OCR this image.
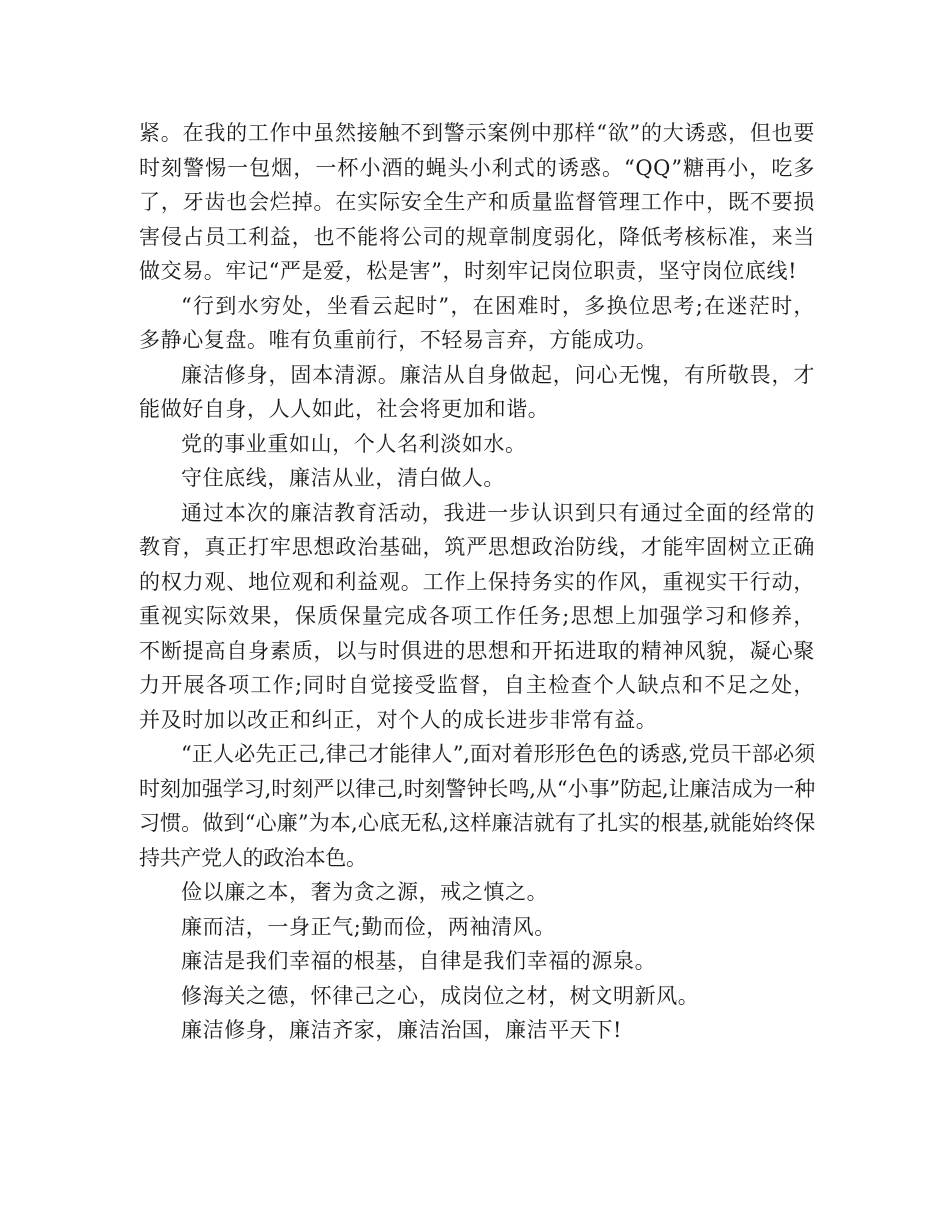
紧。在我的工作中虽然接触不到警示案例中那样“欲”的大诱惑，但也要时刻警惕一包烟，一杯小酒的蝇头小利式的诱惑。“QQ”糖再小，吃多了，牙齿也会烂掉。在实际安全生产和质量监督管理工作中，既不要损害侵占员工利益，也不能将公司的规章制度弱化，降低考核标准，来当做交易。牢记“严是爱，松是害”，时刻牢记岗位职责，坚守岗位底线!

“行到水穷处，坐看云起时”，在困难时，多换位思考;在迷茫时，多静心复盘。唯有负重前行，不轻易言弃，方能成功。

廉洁修身，固本清源。廉洁从自身做起，问心无愧，有所敬畏，才能做好自身，人人如此，社会将更加和谐。

党的事业重如山，个人名利淡如水。

守住底线，廉洁从业，清白做人。

通过本次的廉洁教育活动，我进一步认识到只有通过全面的经常的教育，真正打牢思想政治基础，筑严思想政治防线，才能牢固树立正确的权力观、地位观和利益观。工作上保持务实的作风，重视实干行动，重视实际效果，保质保量完成各项工作任务;思想上加强学习和修养，不断提高自身素质，以与时俱进的思想和开拓进取的精神风貌，凝心聚力开展各项工作;同时自觉接受监督，自主检查个人缺点和不足之处，并及时加以改正和纠正，对个人的成长进步非常有益。

“正人必先正己,律己才能律人”,面对着形形色色的诱惑,党员干部必须时刻加强学习,时刻严以律己,时刻警钟长鸣,从“小事”防起,让廉洁成为一种习惯。做到“心廉”为本,心底无私,这样廉洁就有了扎实的根基,就能始终保持共产党人的政治本色。

俭以廉之本，奢为贪之源，戒之慎之。

廉而洁，一身正气;勤而俭，两袖清风。

廉洁是我们幸福的根基，自律是我们幸福的源泉。

修海关之德，怀律己之心，成岗位之材，树文明新风。

廉洁修身，廉洁齐家，廉洁治国，廉洁平天下!
